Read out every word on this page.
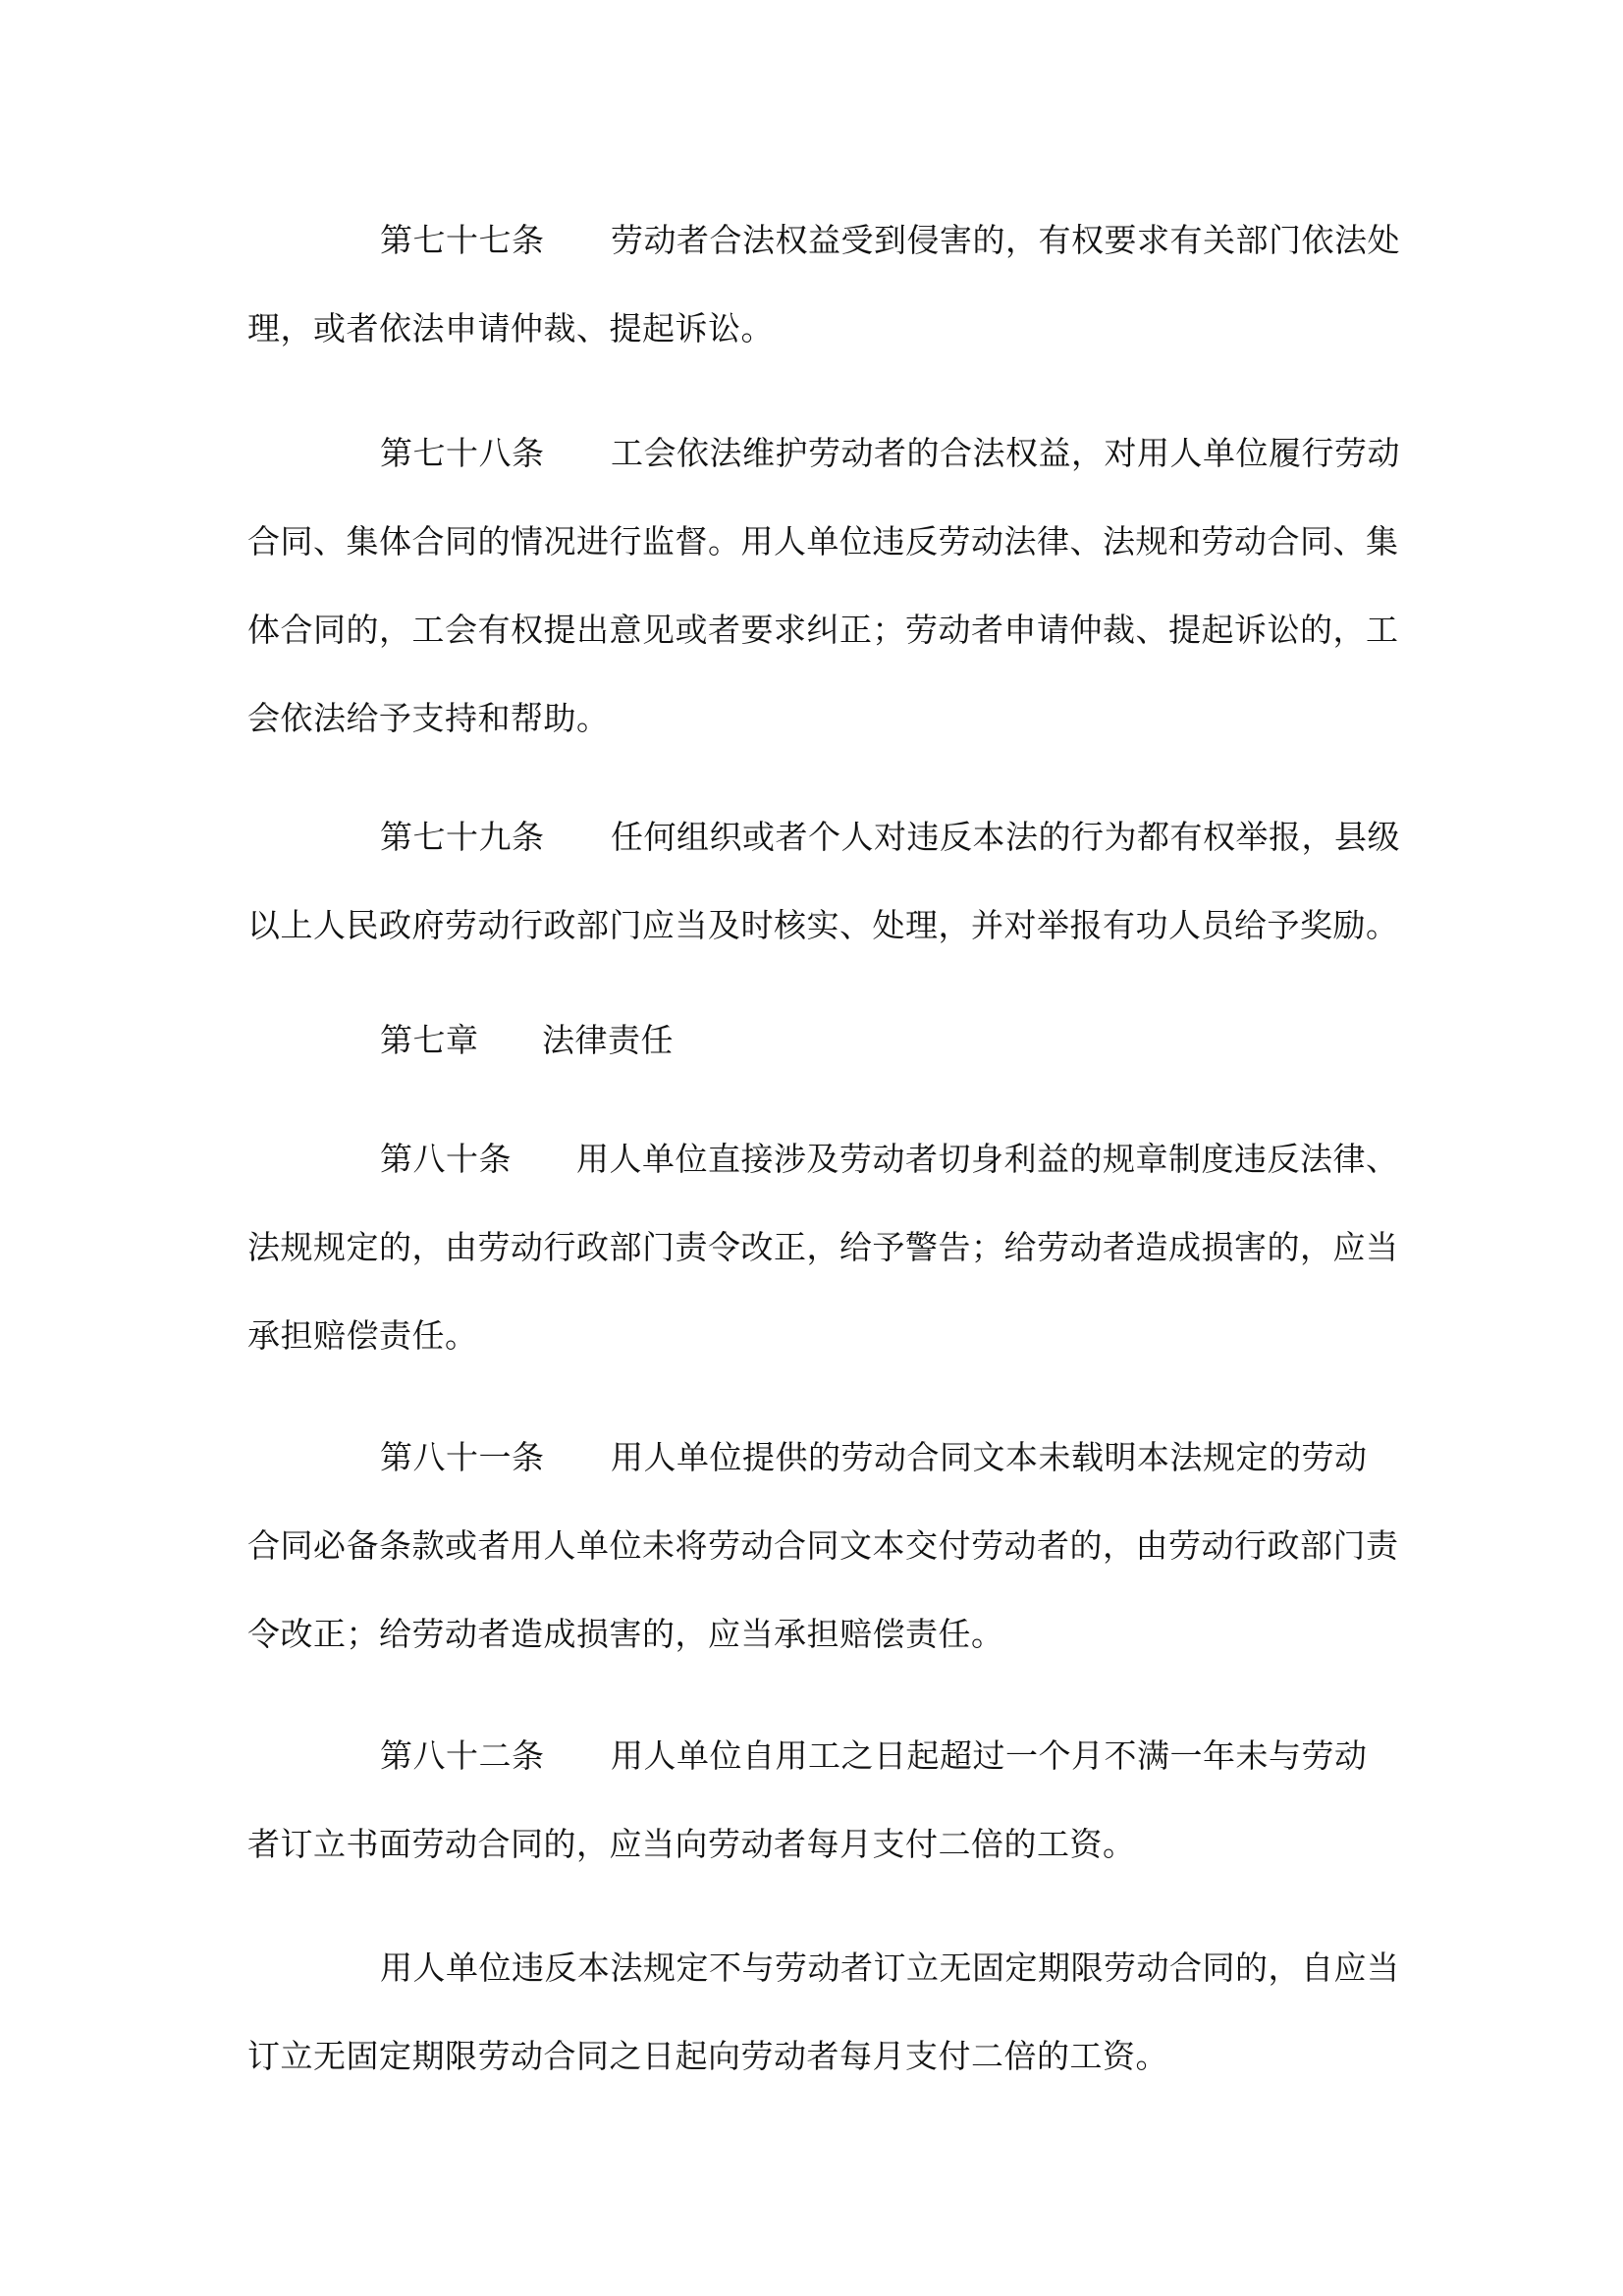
第七十七条 劳动者合法权益受到侵害的，有权要求有关部门依法处
理，或者依法申请仲裁、提起诉讼。
第七十八条 工会依法维护劳动者的合法权益，对用人单位履行劳动
合同、集体合同的情况进行监督。用人单位违反劳动法律、法规和劳动合同、集
体合同的，工会有权提出意见或者要求纠正；劳动者申请仲裁、提起诉讼的，工
会依法给予支持和帮助。
第七十九条 任何组织或者个人对违反本法的行为都有权举报，县级
以上人民政府劳动行政部门应当及时核实、处理，并对举报有功人员给予奖励。
第七章 法律责任
第八十条 用人单位直接涉及劳动者切身利益的规章制度违反法律、
法规规定的，由劳动行政部门责令改正，给予警告；给劳动者造成损害的，应当
承担赔偿责任。
第八十一条 用人单位提供的劳动合同文本未载明本法规定的劳动
合同必备条款或者用人单位未将劳动合同文本交付劳动者的，由劳动行政部门责
令改正；给劳动者造成损害的，应当承担赔偿责任。
第八十二条 用人单位自用工之日起超过一个月不满一年未与劳动
者订立书面劳动合同的，应当向劳动者每月支付二倍的工资。
用人单位违反本法规定不与劳动者订立无固定期限劳动合同的，自应当
订立无固定期限劳动合同之日起向劳动者每月支付二倍的工资。
